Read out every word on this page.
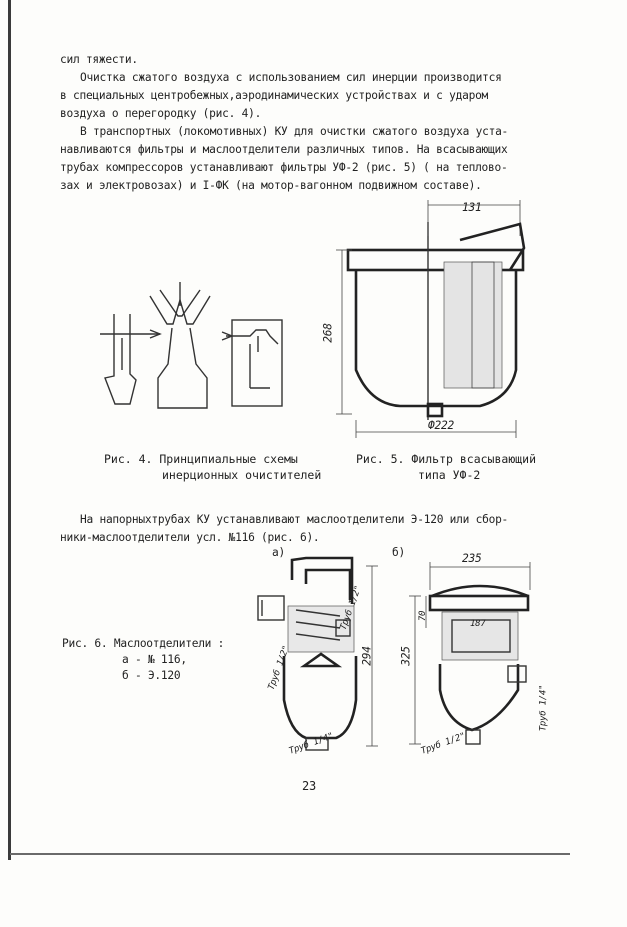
сил тяжести.
Очистка сжатого воздуха с использованием сил инерции производится
в специальных центробежных,аэродинамических устройствах и с ударом
воздуха о перегородку (рис. 4).
В транспортных (локомотивных) КУ для очистки сжатого воздуха уста-
навливаются фильтры и маслоотделители различных типов. На всасывающих
трубах компрессоров устанавливают фильтры УФ-2 (рис. 5) ( на теплово-
зах и электровозах) и I-ФК (на мотор-вагонном подвижном составе).
Рис. 4. Принципиальные схемы
инерционных очистителей
131
268
Ф222
Рис. 5. Фильтр всасывающий
типа УФ-2
На напорныхтрубах КУ устанавливают маслоотделители Э-120 или сбор-
ники-маслоотделители усл. №116 (рис. 6).
а)	б)
Рис. 6. Маслоотделители :
а - № 116,
б - Э.120
294
Труб 1/2"
Труб 1/2"
Труб 1/4"
235
187
325
70
Труб 1/4"
Труб 1/2"
23
